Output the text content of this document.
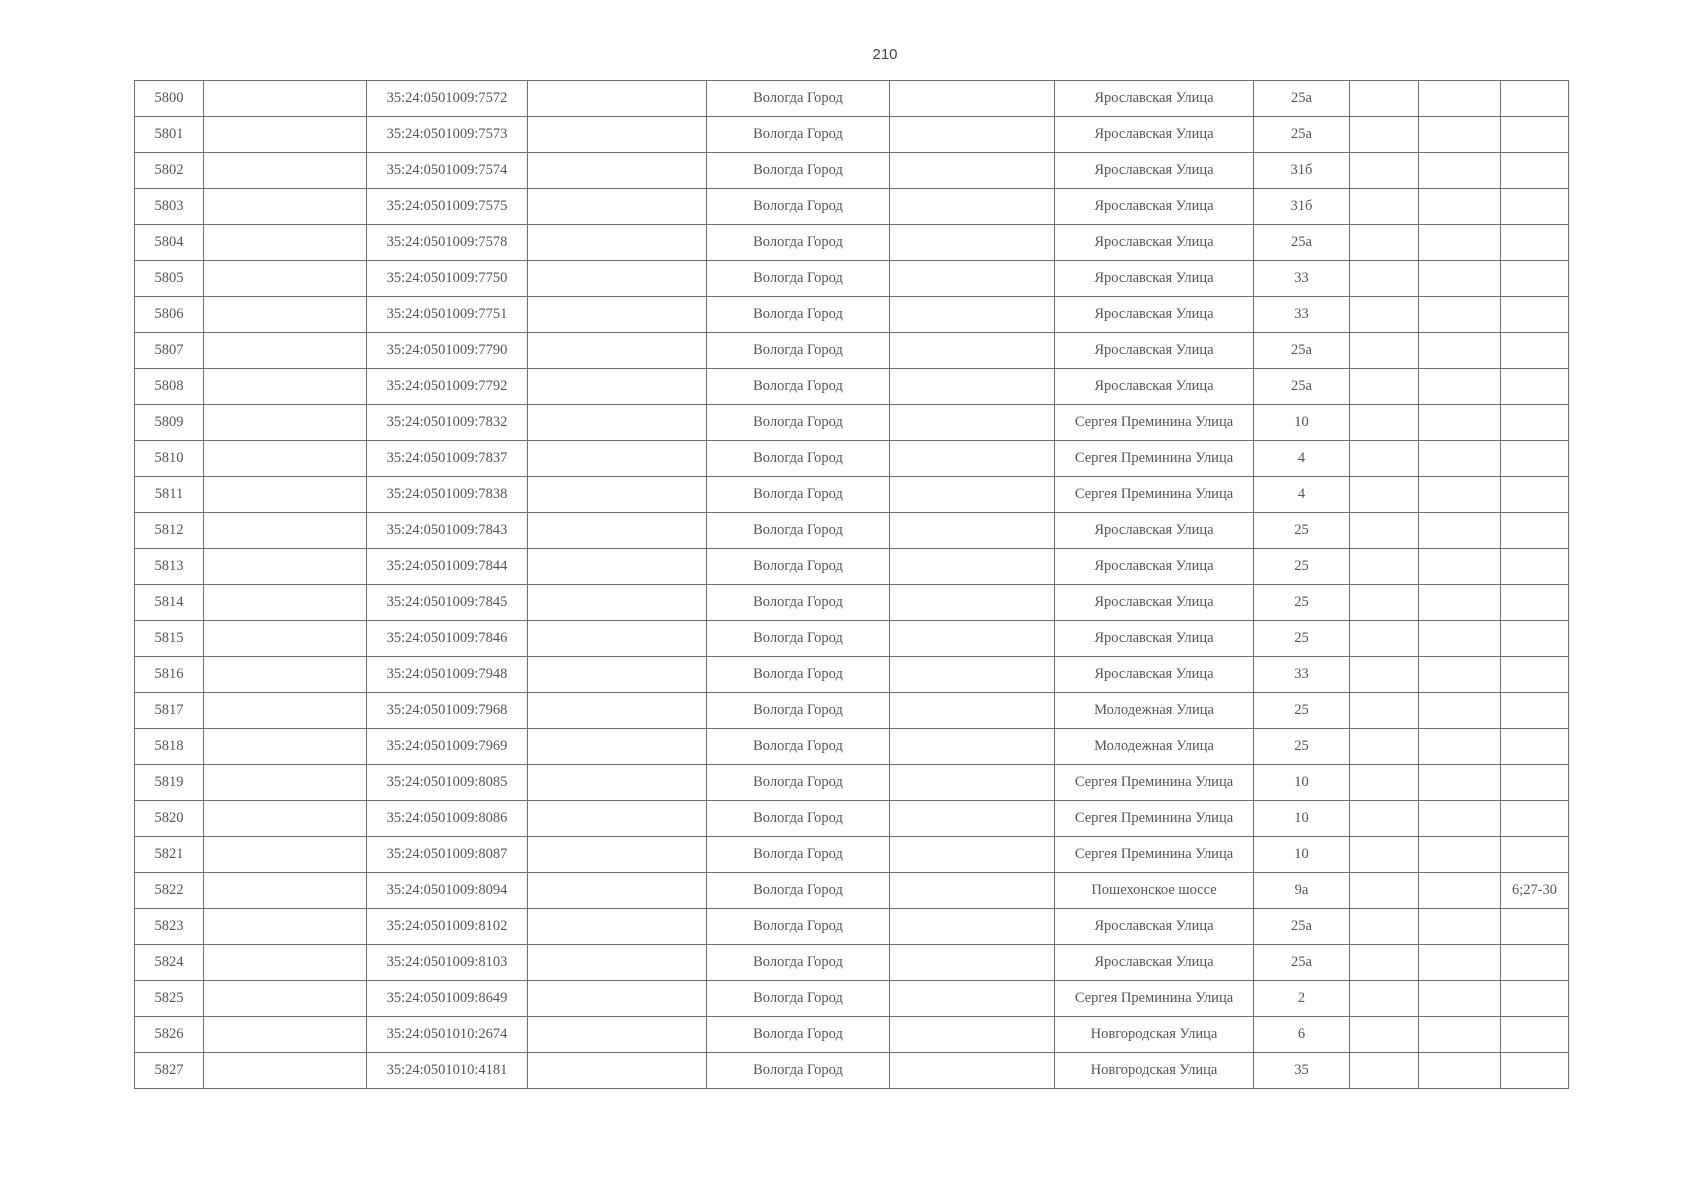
210
5800		35:24:0501009:7572		Вологда Город		Ярославская Улица	25а			
5801		35:24:0501009:7573		Вологда Город		Ярославская Улица	25а			
5802		35:24:0501009:7574		Вологда Город		Ярославская Улица	31б			
5803		35:24:0501009:7575		Вологда Город		Ярославская Улица	31б			
5804		35:24:0501009:7578		Вологда Город		Ярославская Улица	25а			
5805		35:24:0501009:7750		Вологда Город		Ярославская Улица	33			
5806		35:24:0501009:7751		Вологда Город		Ярославская Улица	33			
5807		35:24:0501009:7790		Вологда Город		Ярославская Улица	25а			
5808		35:24:0501009:7792		Вологда Город		Ярославская Улица	25а			
5809		35:24:0501009:7832		Вологда Город		Сергея Преминина Улица	10			
5810		35:24:0501009:7837		Вологда Город		Сергея Преминина Улица	4			
5811		35:24:0501009:7838		Вологда Город		Сергея Преминина Улица	4			
5812		35:24:0501009:7843		Вологда Город		Ярославская Улица	25			
5813		35:24:0501009:7844		Вологда Город		Ярославская Улица	25			
5814		35:24:0501009:7845		Вологда Город		Ярославская Улица	25			
5815		35:24:0501009:7846		Вологда Город		Ярославская Улица	25			
5816		35:24:0501009:7948		Вологда Город		Ярославская Улица	33			
5817		35:24:0501009:7968		Вологда Город		Молодежная Улица	25			
5818		35:24:0501009:7969		Вологда Город		Молодежная Улица	25			
5819		35:24:0501009:8085		Вологда Город		Сергея Преминина Улица	10			
5820		35:24:0501009:8086		Вологда Город		Сергея Преминина Улица	10			
5821		35:24:0501009:8087		Вологда Город		Сергея Преминина Улица	10			
5822		35:24:0501009:8094		Вологда Город		Пошехонское шоссе	9а			6;27-30
5823		35:24:0501009:8102		Вологда Город		Ярославская Улица	25а			
5824		35:24:0501009:8103		Вологда Город		Ярославская Улица	25а			
5825		35:24:0501009:8649		Вологда Город		Сергея Преминина Улица	2			
5826		35:24:0501010:2674		Вологда Город		Новгородская Улица	6			
5827		35:24:0501010:4181		Вологда Город		Новгородская Улица	35			
